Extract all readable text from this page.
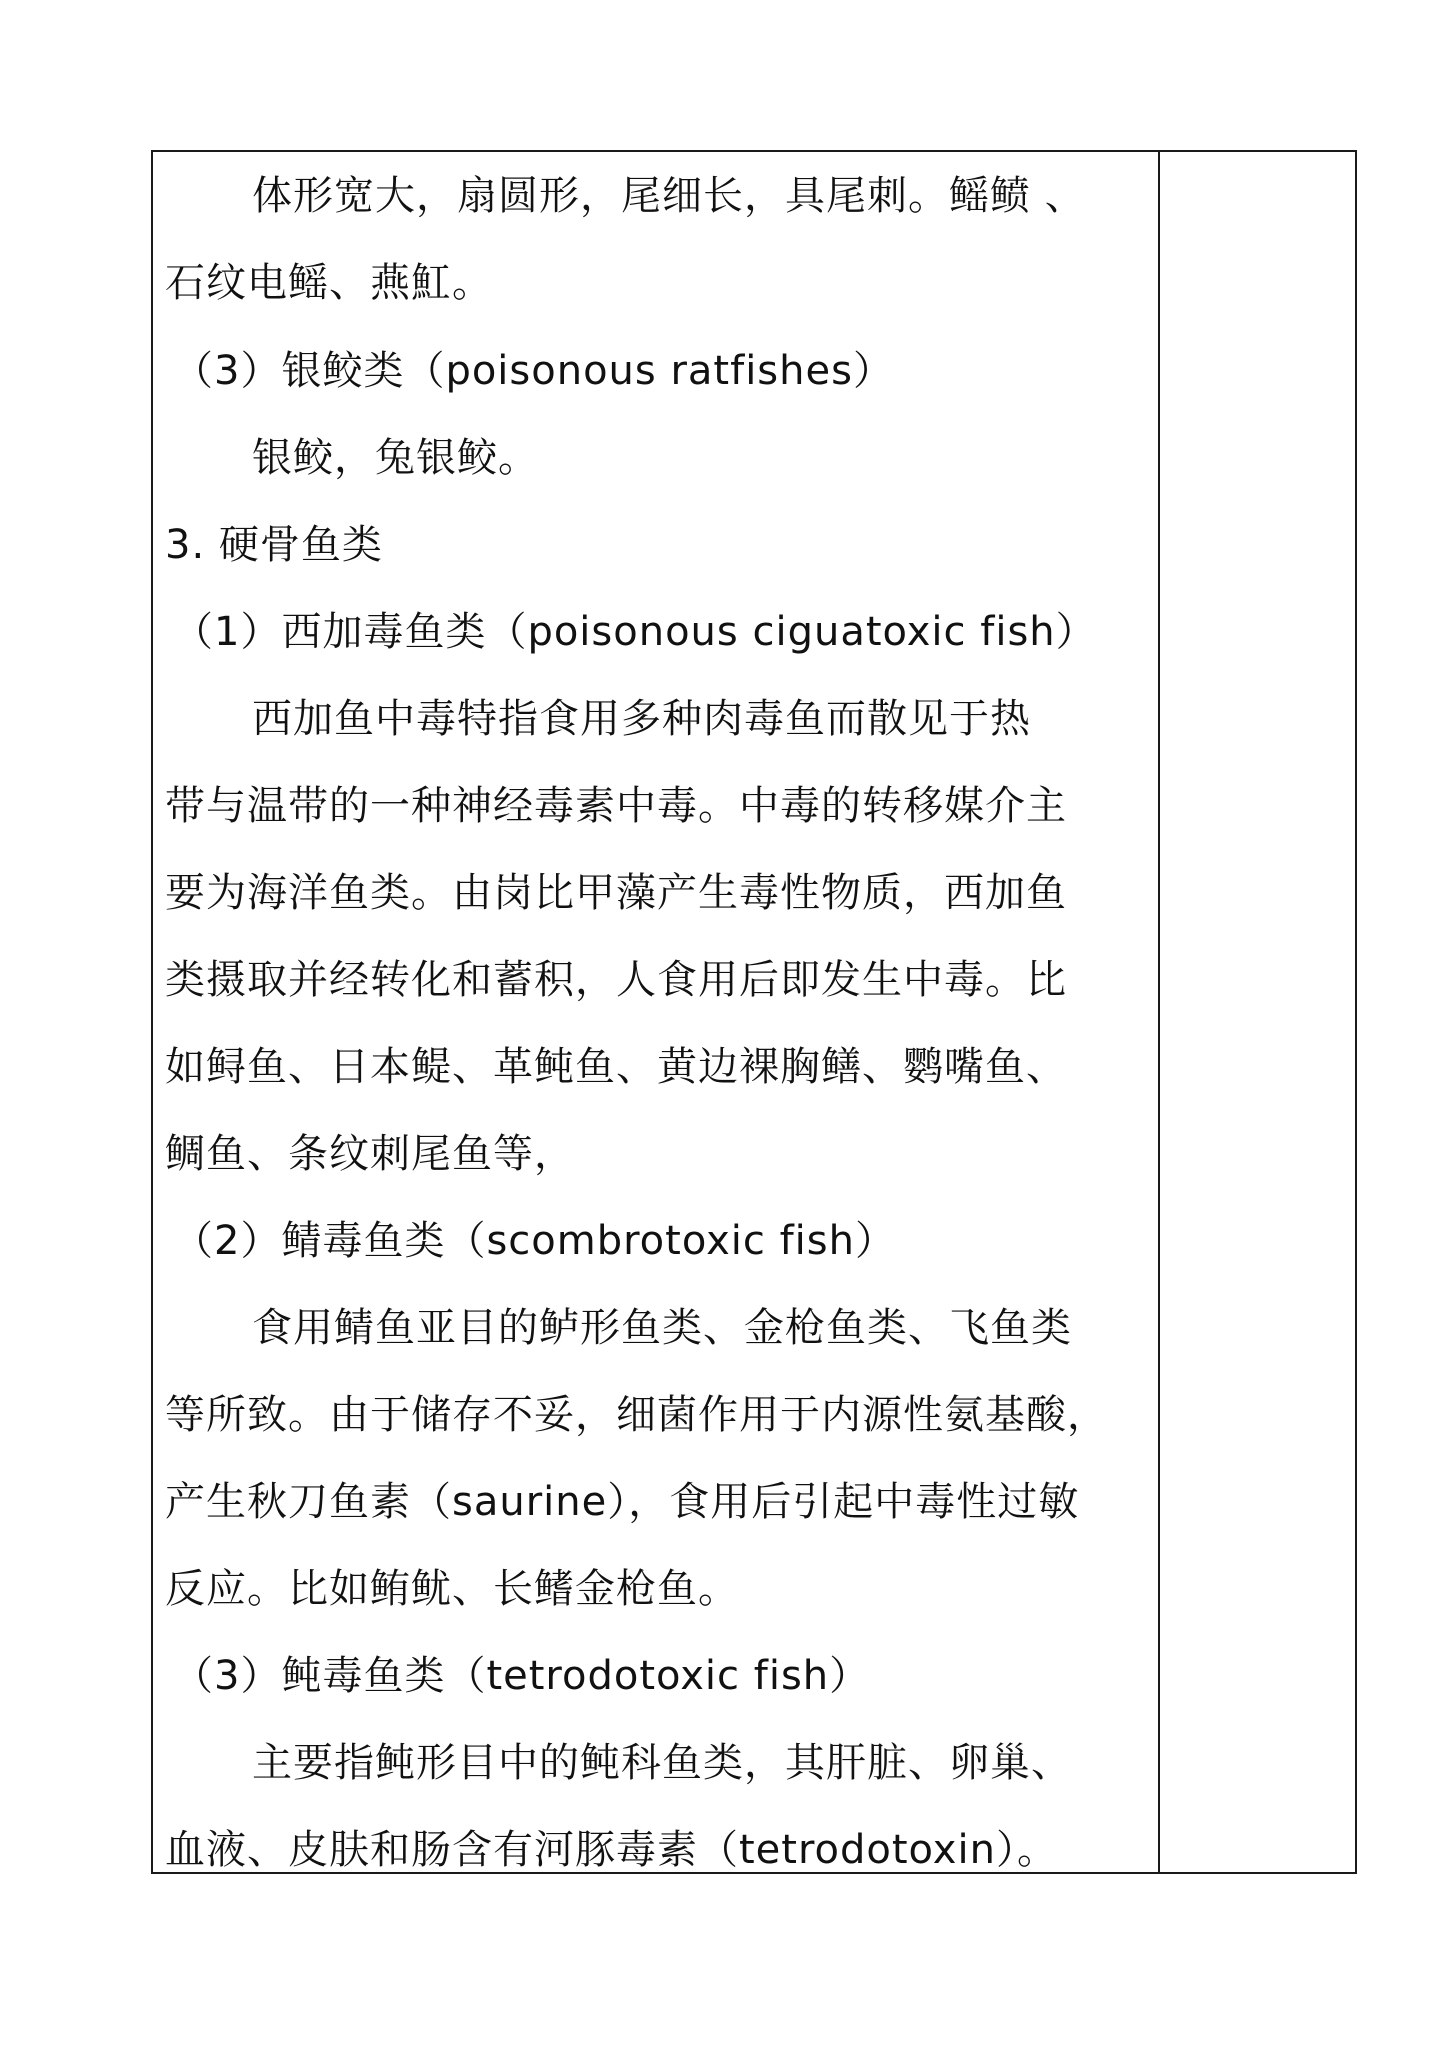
体形宽大，扇圆形，尾细长，具尾刺。鳐鲼 、
石纹电鳐、燕魟。
（3）银鲛类（poisonous ratfishes）
银鲛，兔银鲛。
3. 硬骨鱼类
（1）西加毒鱼类（poisonous ciguatoxic fish）
西加鱼中毒特指食用多种肉毒鱼而散见于热
带与温带的一种神经毒素中毒。中毒的转移媒介主
要为海洋鱼类。由岗比甲藻产生毒性物质，西加鱼
类摄取并经转化和蓄积，人食用后即发生中毒。比
如鲟鱼、日本鳀、革鲀鱼、黄边裸胸鳝、鹦嘴鱼、
鲷鱼、条纹刺尾鱼等，
（2）鲭毒鱼类（scombrotoxic fish）
食用鲭鱼亚目的鲈形鱼类、金枪鱼类、飞鱼类
等所致。由于储存不妥，细菌作用于内源性氨基酸，
产生秋刀鱼素（saurine），食用后引起中毒性过敏
反应。比如鲔鱿、长鳍金枪鱼。
（3）鲀毒鱼类（tetrodotoxic fish）
主要指鲀形目中的鲀科鱼类，其肝脏、卵巢、
血液、皮肤和肠含有河豚毒素（tetrodotoxin）。
